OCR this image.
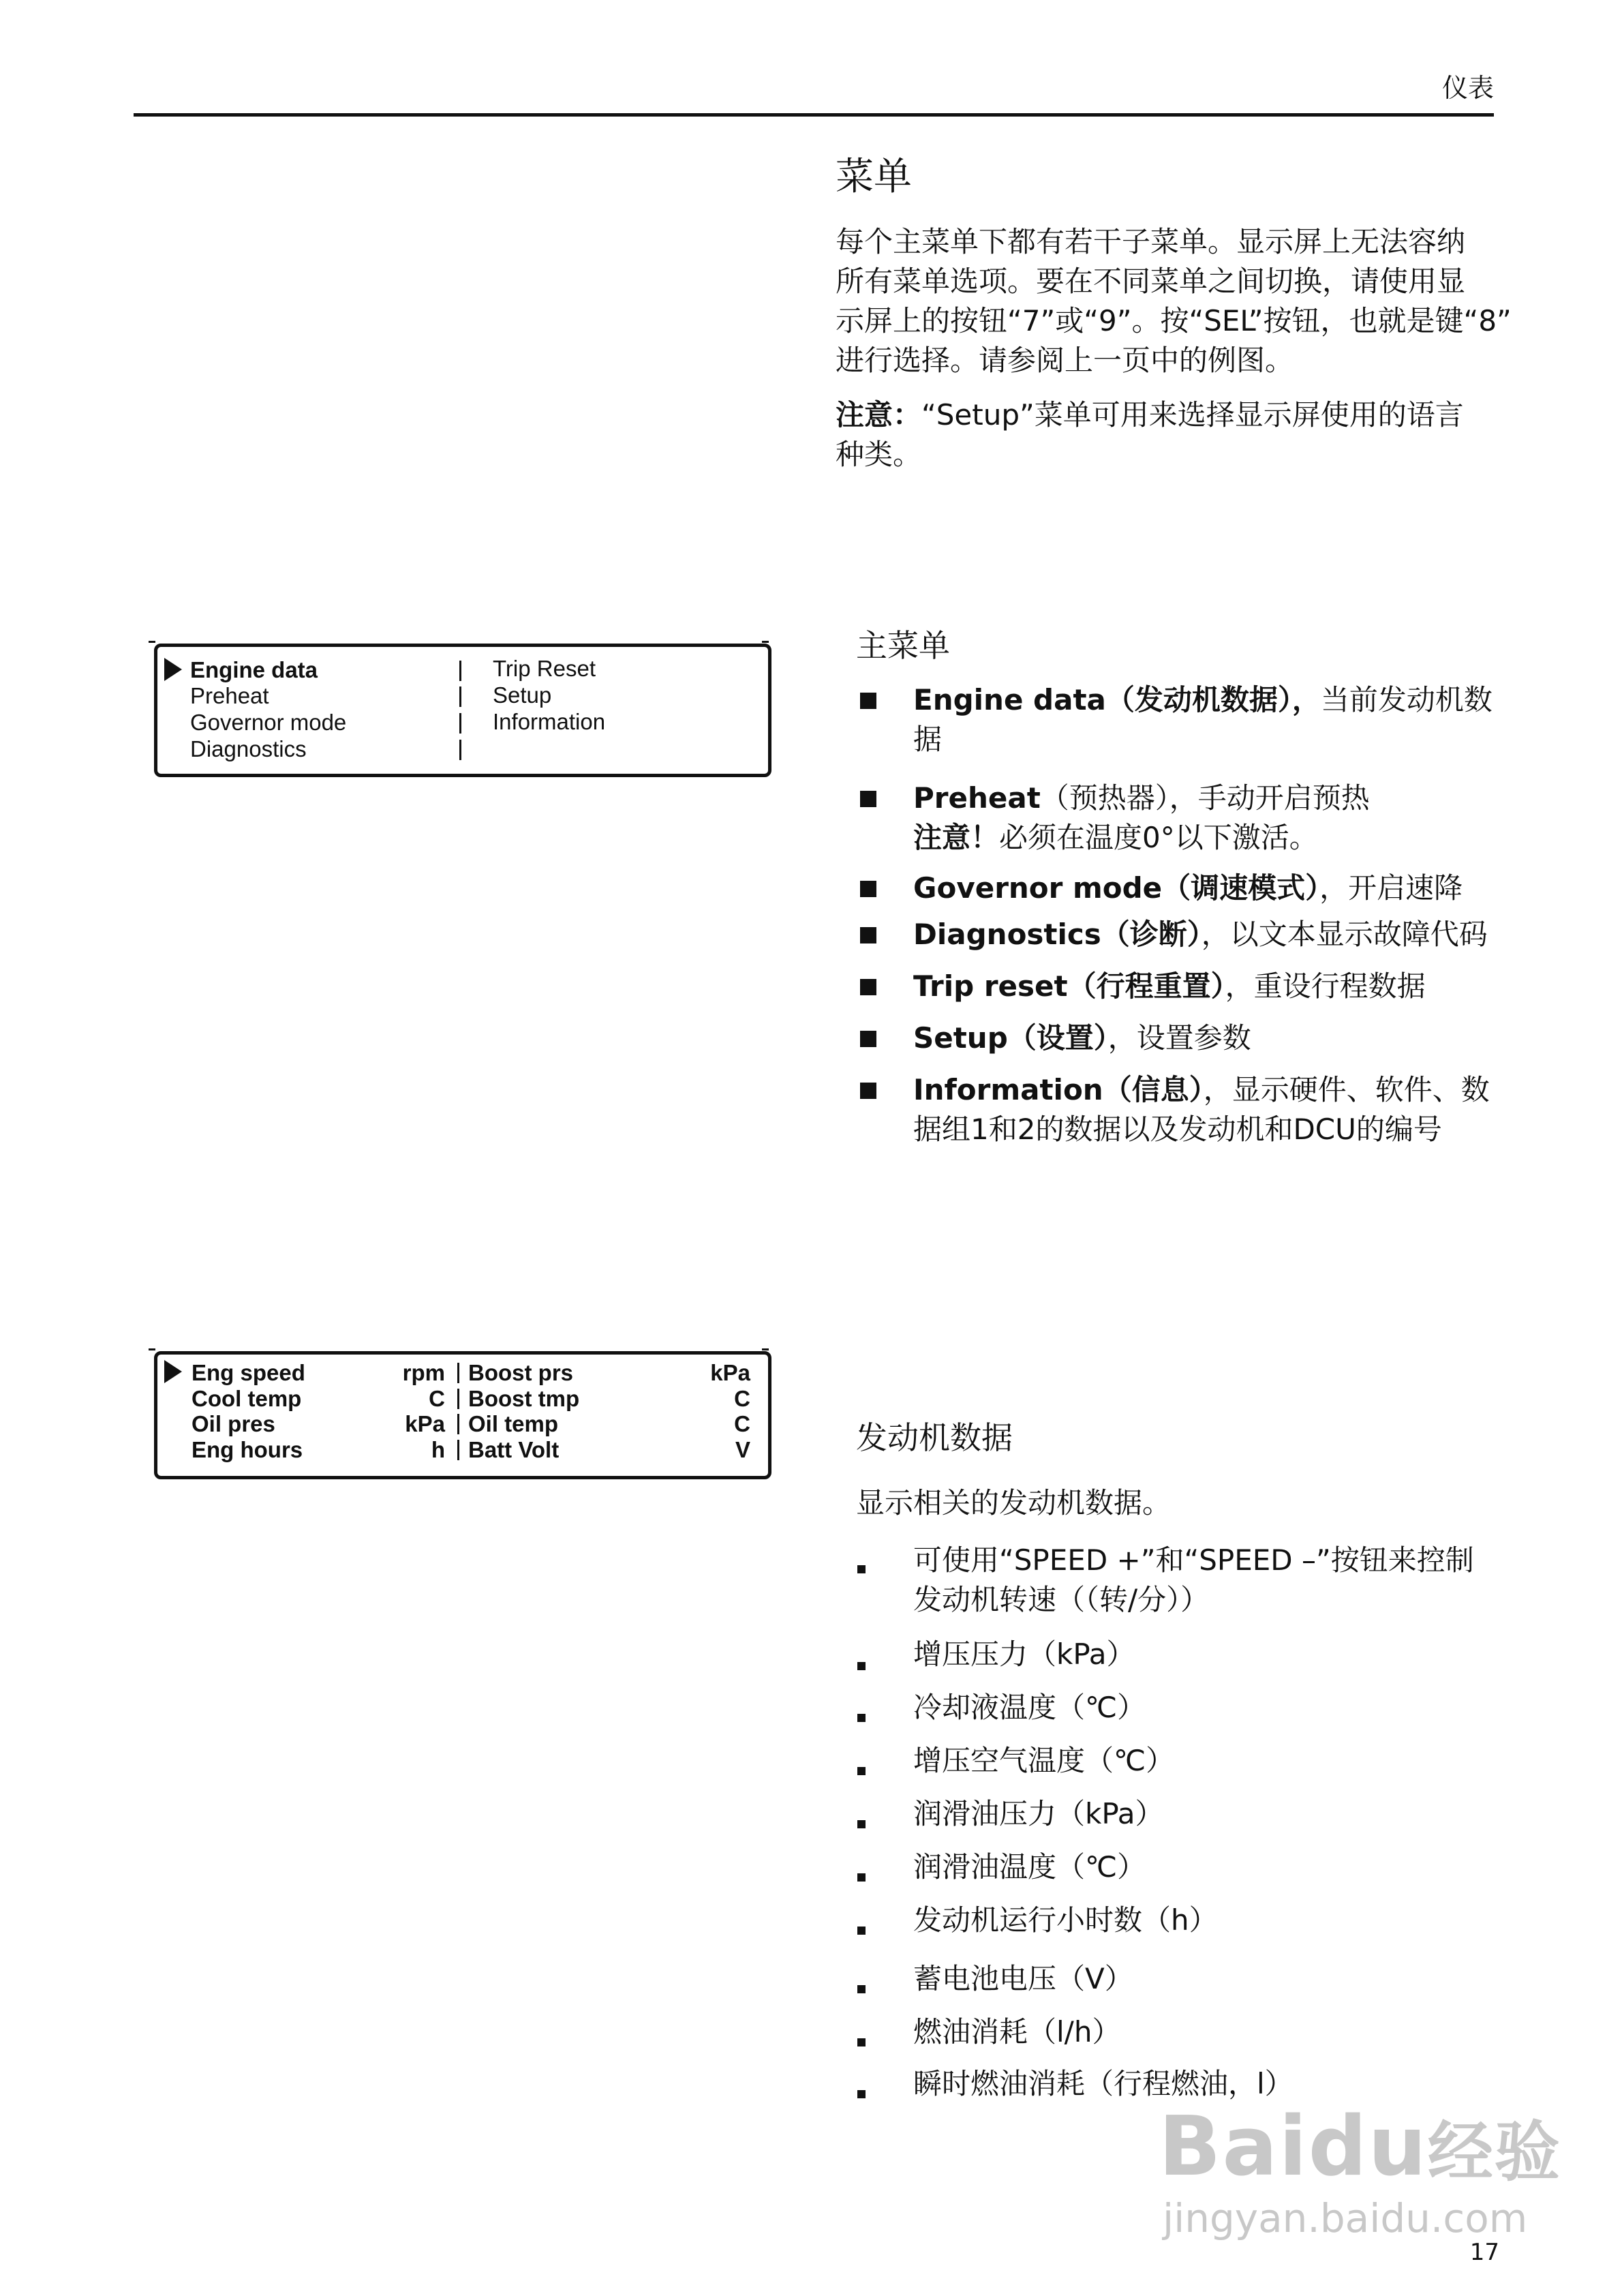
仪表
菜单
每个主菜单下都有若干子菜单。显示屏上无法容纳
所有菜单选项。要在不同菜单之间切换，请使用显
示屏上的按钮“7”或“9”。按“SEL”按钮，也就是键“8”
进行选择。请参阅上一页中的例图。
注意：“Setup”菜单可用来选择显示屏使用的语言
种类。
Engine data
Preheat
Governor mode
Diagnostics
Trip Reset
Setup
Information
主菜单
Engine data（发动机数据），当前发动机数
据
Preheat（预热器），手动开启预热
注意！必须在温度0°以下激活。
Governor mode（调速模式），开启速降
Diagnostics（诊断），以文本显示故障代码
Trip reset（行程重置），重设行程数据
Setup（设置），设置参数
Information（信息），显示硬件、软件、数
据组1和2的数据以及发动机和DCU的编号
Eng speed
Cool temp
Oil pres
Eng hours
rpm
C
kPa
h
Boost prs
Boost tmp
Oil temp
Batt Volt
kPa
C
C
V	发动机数据
显示相关的发动机数据。
可使用“SPEED +”和“SPEED –”按钮来控制
发动机转速（（转/分））
增压压力（kPa）
冷却液温度（℃）
增压空气温度（℃）
润滑油压力（kPa）
润滑油温度（℃）
发动机运行小时数（h）
蓄电池电压（V）
燃油消耗（l/h）
瞬时燃油消耗（行程燃油，l）
Baidu经验
jingyan.baidu.com
17
